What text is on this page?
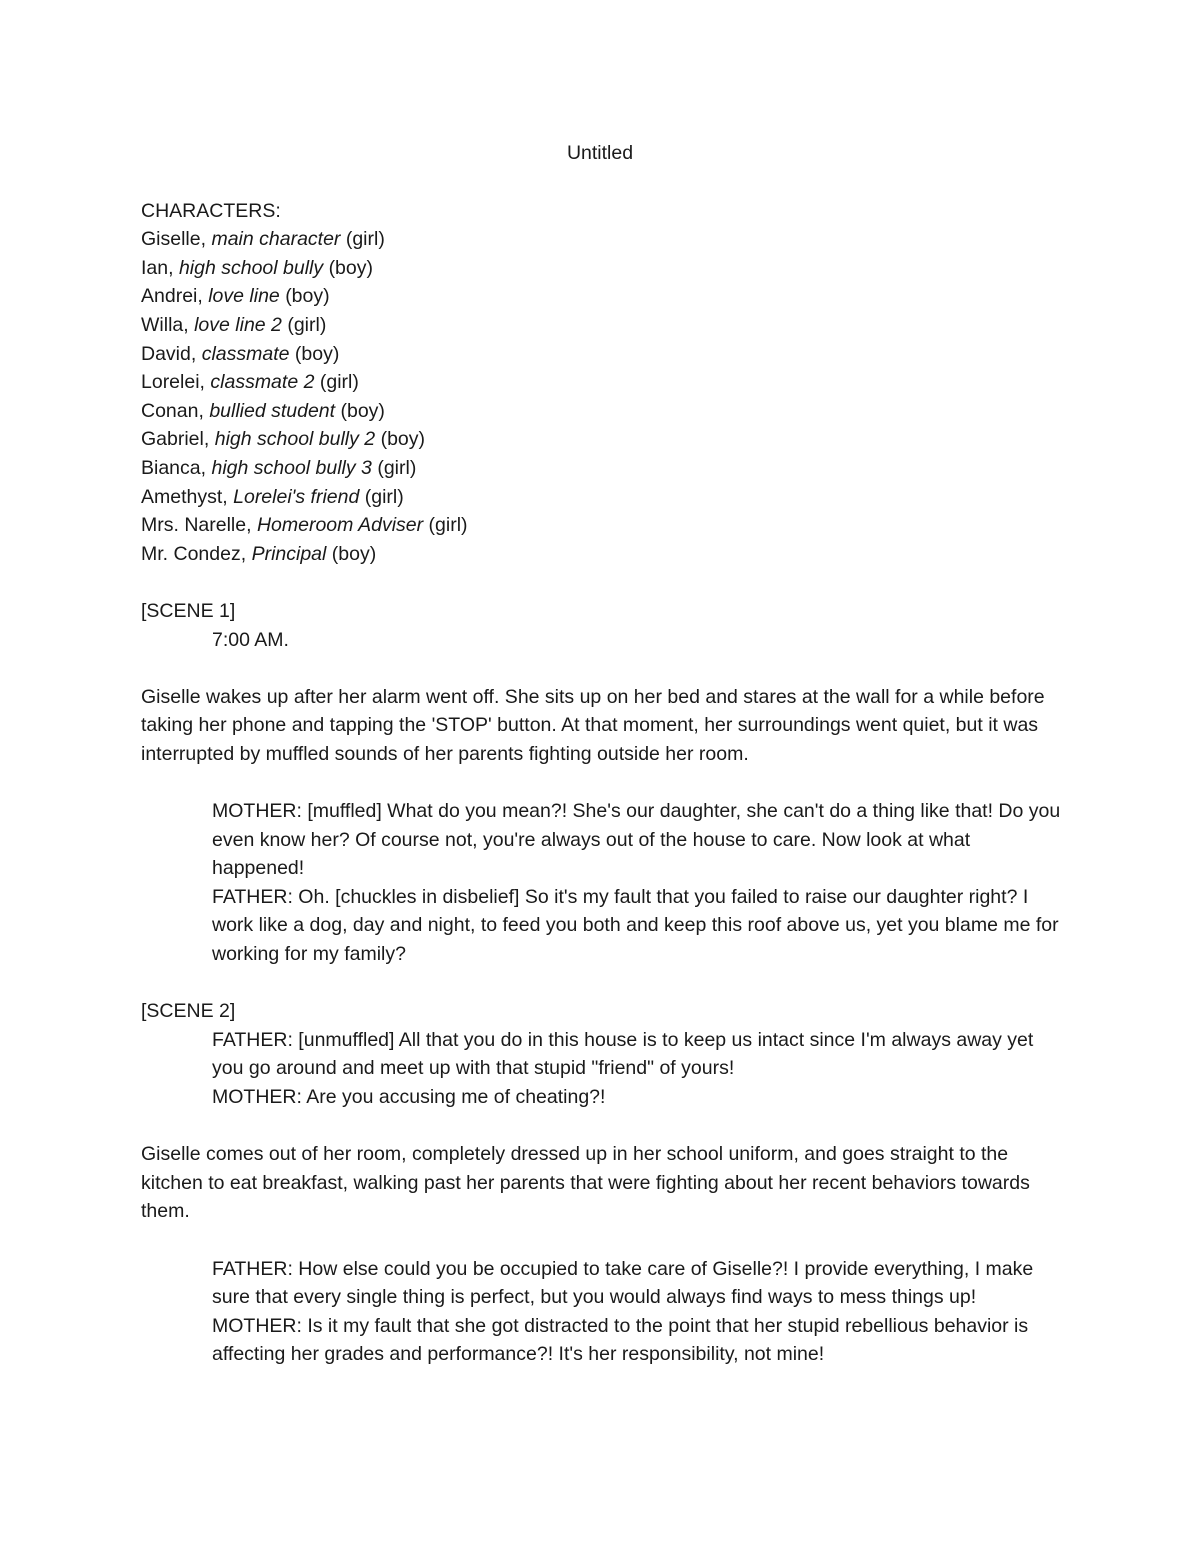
Untitled
CHARACTERS:
Giselle, main character (girl)
Ian, high school bully (boy)
Andrei, love line (boy)
Willa, love line 2 (girl)
David, classmate (boy)
Lorelei, classmate 2 (girl)
Conan, bullied student (boy)
Gabriel, high school bully 2 (boy)
Bianca, high school bully 3 (girl)
Amethyst, Lorelei's friend (girl)
Mrs. Narelle, Homeroom Adviser (girl)
Mr. Condez, Principal (boy)
[SCENE 1]
7:00 AM.

Giselle wakes up after her alarm went off. She sits up on her bed and stares at the wall for a while before taking her phone and tapping the 'STOP' button. At that moment, her surroundings went quiet, but it was interrupted by muffled sounds of her parents fighting outside her room.

MOTHER: [muffled] What do you mean?! She's our daughter, she can't do a thing like that! Do you even know her? Of course not, you're always out of the house to care. Now look at what happened!

FATHER: Oh. [chuckles in disbelief] So it's my fault that you failed to raise our daughter right? I work like a dog, day and night, to feed you both and keep this roof above us, yet you blame me for working for my family?

[SCENE 2]

FATHER: [unmuffled] All that you do in this house is to keep us intact since I'm always away yet you go around and meet up with that stupid "friend" of yours!

MOTHER: Are you accusing me of cheating?!

Giselle comes out of her room, completely dressed up in her school uniform, and goes straight to the kitchen to eat breakfast, walking past her parents that were fighting about her recent behaviors towards them.

FATHER: How else could you be occupied to take care of Giselle?! I provide everything, I make sure that every single thing is perfect, but you would always find ways to mess things up!

MOTHER: Is it my fault that she got distracted to the point that her stupid rebellious behavior is affecting her grades and performance?! It's her responsibility, not mine!
